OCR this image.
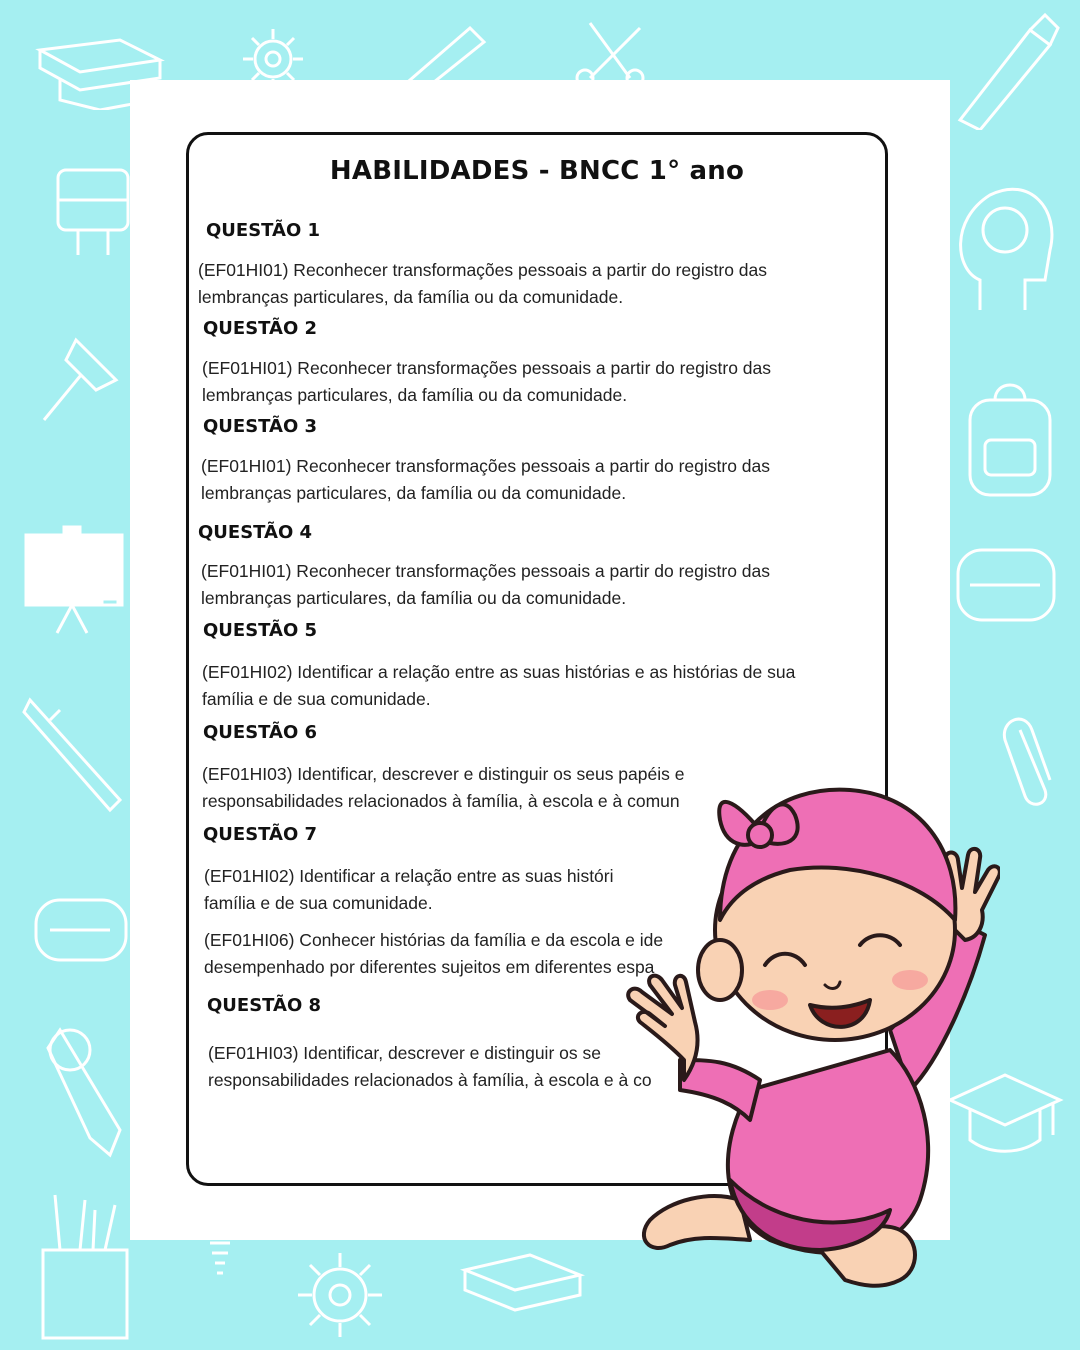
HABILIDADES - BNCC 1° ano
QUESTÃO 1
(EF01HI01) Reconhecer transformações pessoais a partir do registro das
lembranças particulares, da família ou da comunidade.
QUESTÃO 2
(EF01HI01) Reconhecer transformações pessoais a partir do registro das
lembranças particulares, da família ou da comunidade.
QUESTÃO 3
(EF01HI01) Reconhecer transformações pessoais a partir do registro das
lembranças particulares, da família ou da comunidade.
QUESTÃO 4
(EF01HI01) Reconhecer transformações pessoais a partir do registro das
lembranças particulares, da família ou da comunidade.
QUESTÃO 5
(EF01HI02) Identificar a relação entre as suas histórias e as histórias de sua
família e de sua comunidade.
QUESTÃO 6
(EF01HI03) Identificar, descrever e distinguir os seus papéis e
responsabilidades relacionados à família, à escola e à comun
QUESTÃO 7
(EF01HI02) Identificar a relação entre as suas históri
família e de sua comunidade.
(EF01HI06) Conhecer histórias da família e da escola e ide
desempenhado por diferentes sujeitos em diferentes espa
QUESTÃO 8
(EF01HI03) Identificar, descrever e distinguir os se
responsabilidades relacionados à família, à escola e à co
